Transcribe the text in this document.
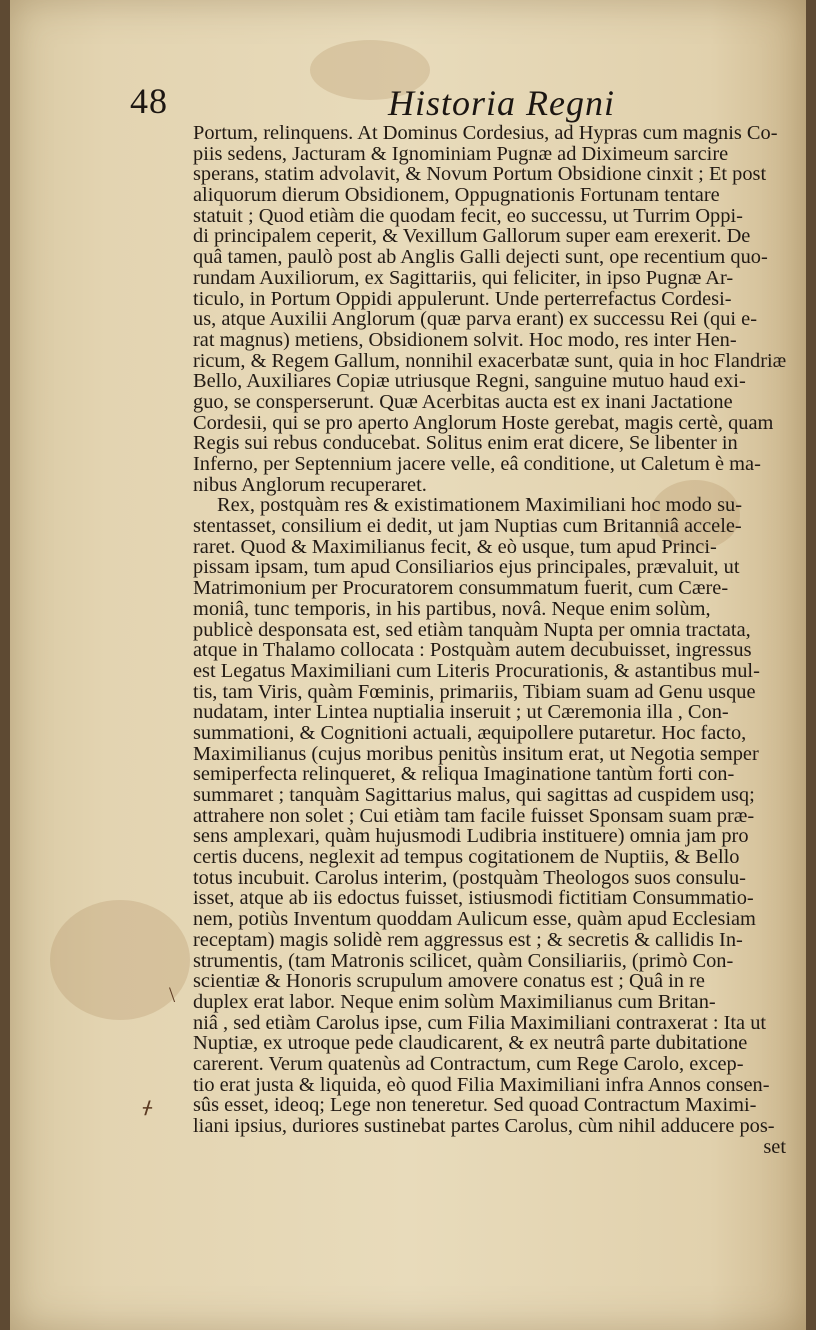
48	Historia Regni
\
ᚋ
Portum, relinquens. At Dominus Cordesius, ad Hypras cum magnis Co-
piis sedens, Jacturam & Ignominiam Pugnæ ad Diximeum sarcire
sperans, statim advolavit, & Novum Portum Obsidione cinxit ; Et post
aliquorum dierum Obsidionem, Oppugnationis Fortunam tentare
statuit ; Quod etiàm die quodam fecit, eo successu, ut Turrim Oppi-
di principalem ceperit, & Vexillum Gallorum super eam erexerit. De
quâ tamen, paulò post ab Anglis Galli dejecti sunt, ope recentium quo-
rundam Auxiliorum, ex Sagittariis, qui feliciter, in ipso Pugnæ Ar-
ticulo, in Portum Oppidi appulerunt. Unde perterrefactus Cordesi-
us, atque Auxilii Anglorum (quæ parva erant) ex successu Rei (qui e-
rat magnus) metiens, Obsidionem solvit. Hoc modo, res inter Hen-
ricum, & Regem Gallum, nonnihil exacerbatæ sunt, quia in hoc Flandriæ
Bello, Auxiliares Copiæ utriusque Regni, sanguine mutuo haud exi-
guo, se consperserunt. Quæ Acerbitas aucta est ex inani Jactatione
Cordesii, qui se pro aperto Anglorum Hoste gerebat, magis certè, quam
Regis sui rebus conducebat. Solitus enim erat dicere, Se libenter in
Inferno, per Septennium jacere velle, eâ conditione, ut Caletum è ma-
nibus Anglorum recuperaret.
Rex, postquàm res & existimationem Maximiliani hoc modo su-
stentasset, consilium ei dedit, ut jam Nuptias cum Britanniâ accele-
raret. Quod & Maximilianus fecit, & eò usque, tum apud Princi-
pissam ipsam, tum apud Consiliarios ejus principales, prævaluit, ut
Matrimonium per Procuratorem consummatum fuerit, cum Cære-
moniâ, tunc temporis, in his partibus, novâ. Neque enim solùm,
publicè desponsata est, sed etiàm tanquàm Nupta per omnia tractata,
atque in Thalamo collocata : Postquàm autem decubuisset, ingressus
est Legatus Maximiliani cum Literis Procurationis, & astantibus mul-
tis, tam Viris, quàm Fœminis, primariis, Tibiam suam ad Genu usque
nudatam, inter Lintea nuptialia inseruit ; ut Cæremonia illa , Con-
summationi, & Cognitioni actuali, æquipollere putaretur. Hoc facto,
Maximilianus (cujus moribus penitùs insitum erat, ut Negotia semper
semiperfecta relinqueret, & reliqua Imaginatione tantùm forti con-
summaret ; tanquàm Sagittarius malus, qui sagittas ad cuspidem usq;
attrahere non solet ; Cui etiàm tam facile fuisset Sponsam suam præ-
sens amplexari, quàm hujusmodi Ludibria instituere) omnia jam pro
certis ducens, neglexit ad tempus cogitationem de Nuptiis, & Bello
totus incubuit. Carolus interim, (postquàm Theologos suos consulu-
isset, atque ab iis edoctus fuisset, istiusmodi fictitiam Consummatio-
nem, potiùs Inventum quoddam Aulicum esse, quàm apud Ecclesiam
receptam) magis solidè rem aggressus est ; & secretis & callidis In-
strumentis, (tam Matronis scilicet, quàm Consiliariis, (primò Con-
scientiæ & Honoris scrupulum amovere conatus est ; Quâ in re
duplex erat labor. Neque enim solùm Maximilianus cum Britan-
niâ , sed etiàm Carolus ipse, cum Filia Maximiliani contraxerat : Ita ut
Nuptiæ, ex utroque pede claudicarent, & ex neutrâ parte dubitatione
carerent. Verum quatenùs ad Contractum, cum Rege Carolo, excep-
tio erat justa & liquida, eò quod Filia Maximiliani infra Annos consen-
sûs esset, ideoq; Lege non teneretur. Sed quoad Contractum Maximi-
liani ipsius, duriores sustinebat partes Carolus, cùm nihil adducere pos-
set
